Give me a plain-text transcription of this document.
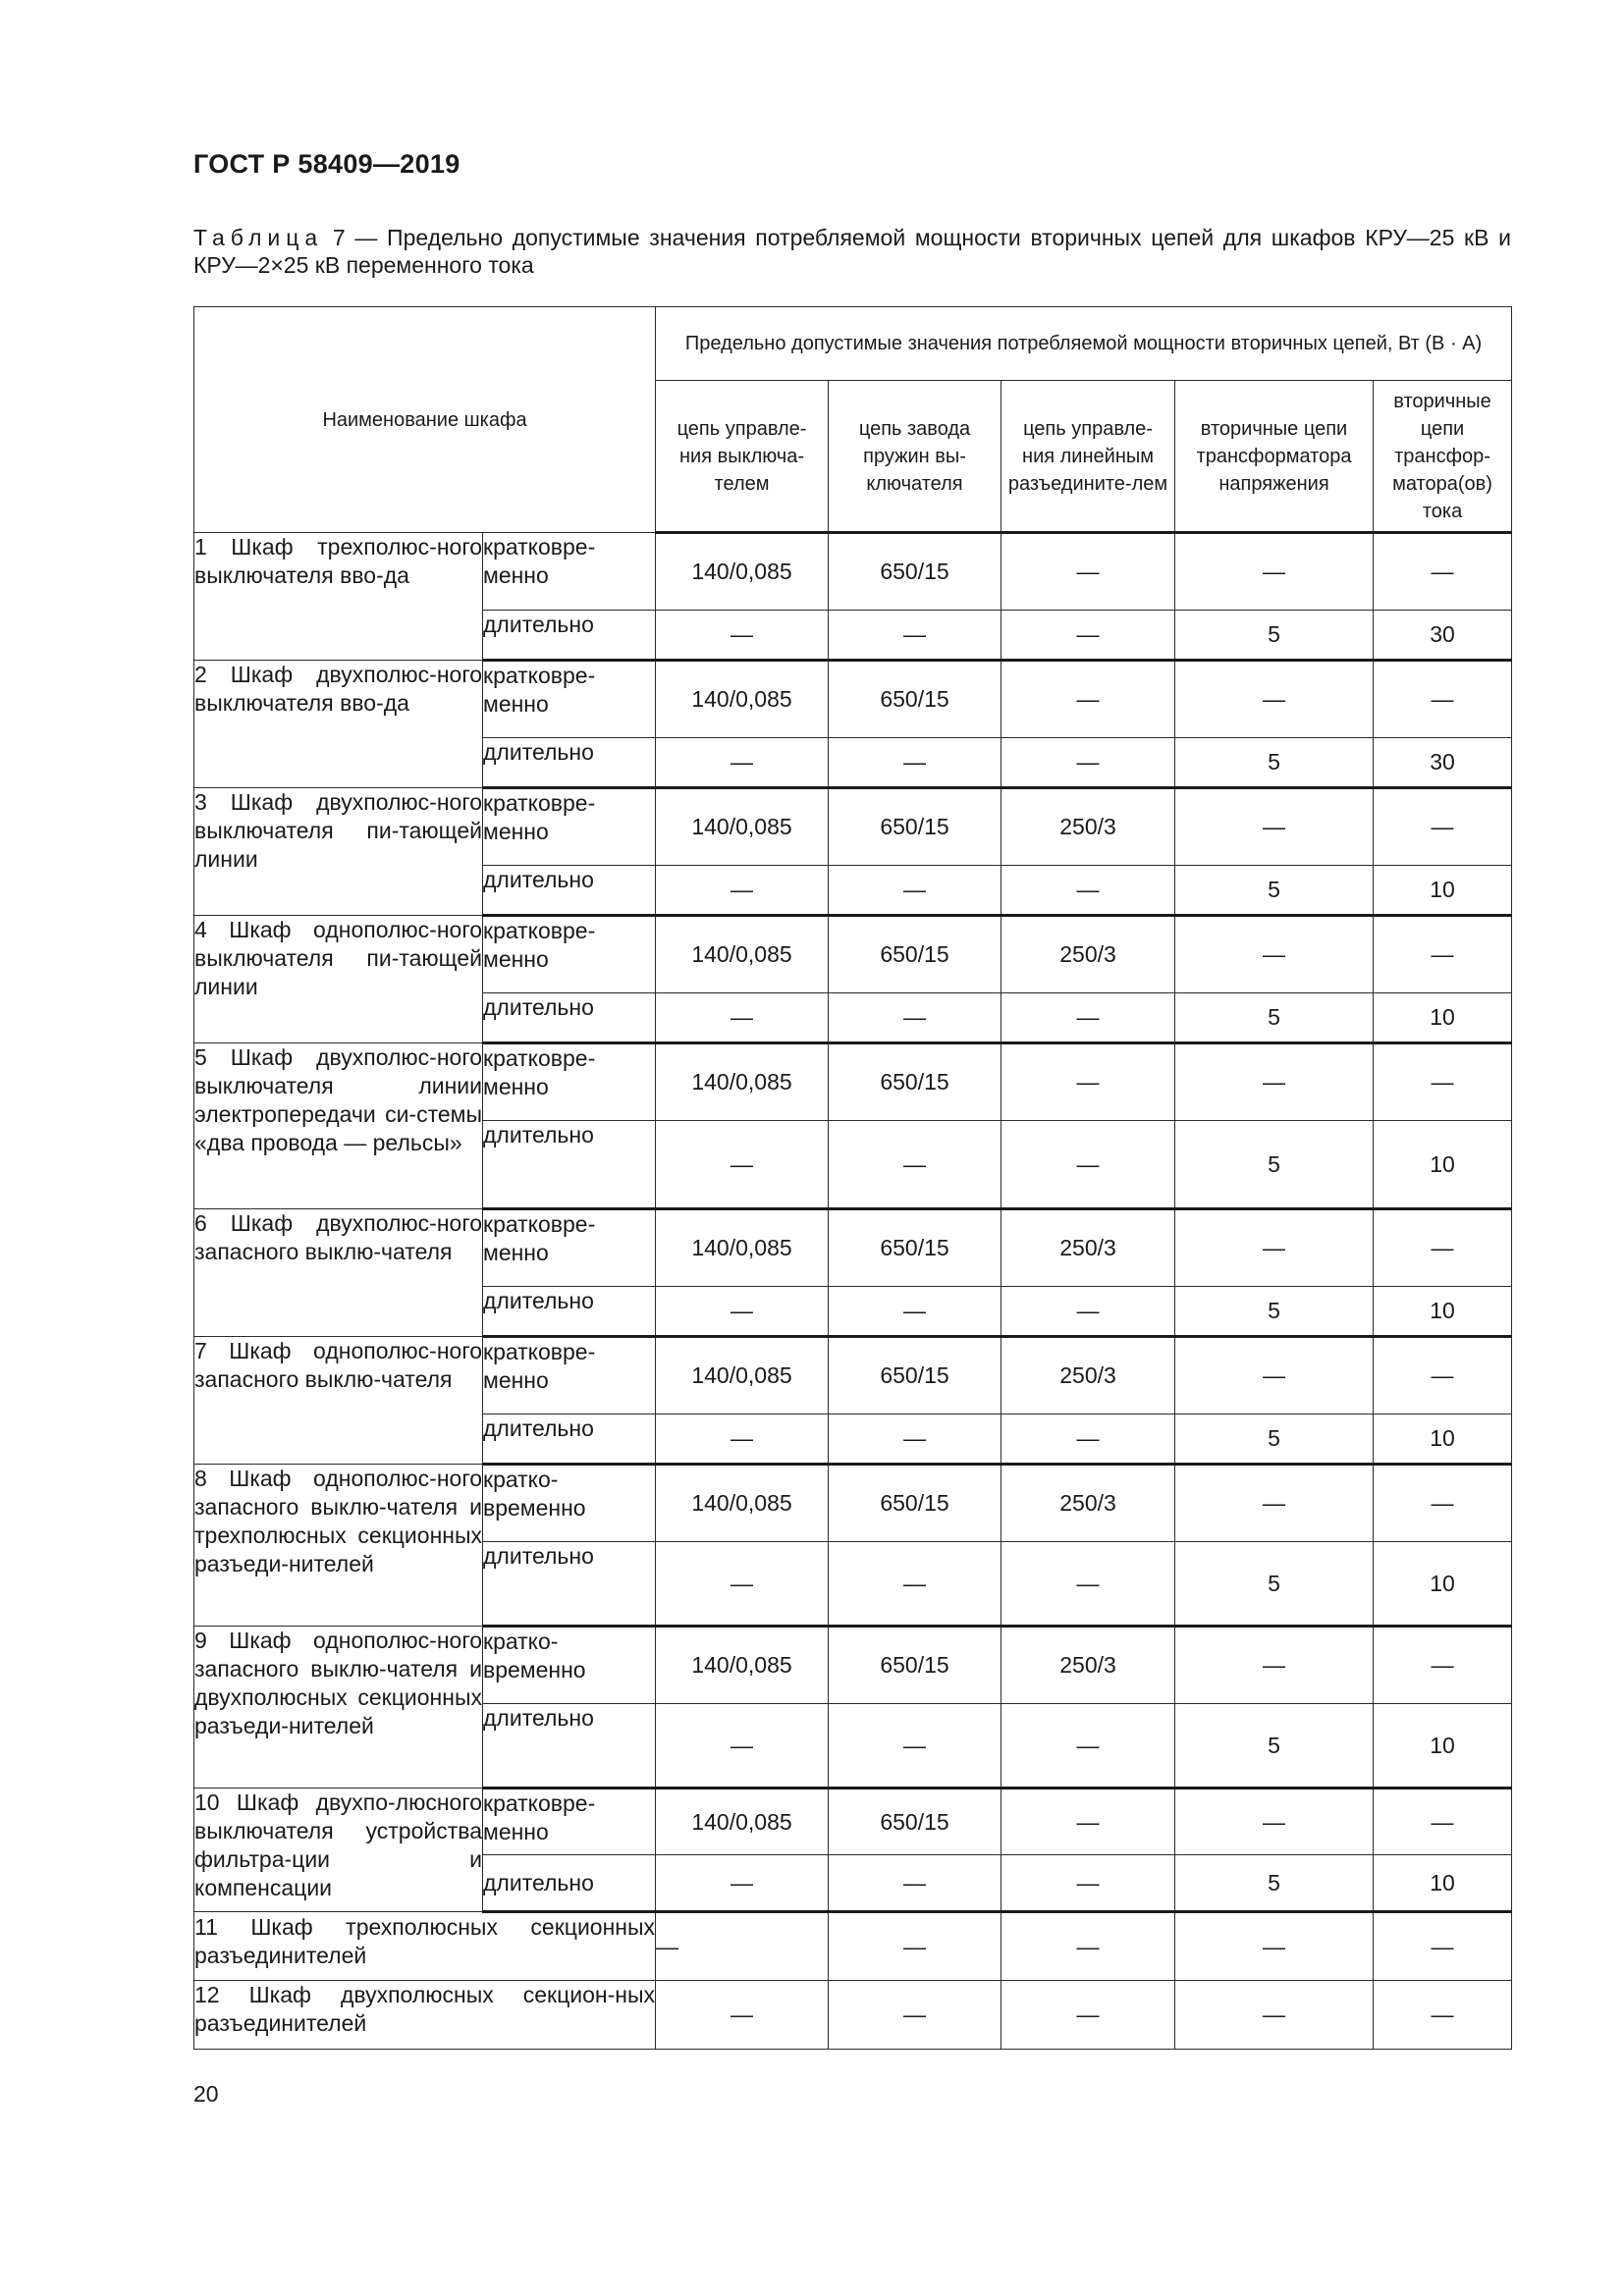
ГОСТ Р 58409—2019
Таблица 7 — Предельно допустимые значения потребляемой мощности вторичных цепей для шкафов КРУ—25 кВ и КРУ—2×25 кВ переменного тока
Наименование шкафа		Предельно допустимые значения потребляемой мощности вторичных цепей, Вт (В · А)				
		цепь управле-ния выключа-телем	цепь завода пружин вы-ключателя	цепь управле-ния линейным разъедините-лем	вторичные цепи трансформатора напряжения	вторичные цепи трансфор-матора(ов) тока
1 Шкаф трехполюс-ного выключателя вво-да	кратковре-менно	140/0,085	650/15	—	—	—
	длительно	—	—	—	5	30
2 Шкаф двухполюс-ного выключателя вво-да	кратковре-менно	140/0,085	650/15	—	—	—
	длительно	—	—	—	5	30
3 Шкаф двухполюс-ного выключателя пи-тающей линии	кратковре-менно	140/0,085	650/15	250/3	—	—
	длительно	—	—	—	5	10
4 Шкаф однополюс-ного выключателя пи-тающей линии	кратковре-менно	140/0,085	650/15	250/3	—	—
	длительно	—	—	—	5	10
5 Шкаф двухполюс-ного выключателя линии электропередачи си-стемы «два провода — рельсы»	кратковре-менно	140/0,085	650/15	—	—	—
	длительно	—	—	—	5	10
6 Шкаф двухполюс-ного запасного выклю-чателя	кратковре-менно	140/0,085	650/15	250/3	—	—
	длительно	—	—	—	5	10
7 Шкаф однополюс-ного запасного выклю-чателя	кратковре-менно	140/0,085	650/15	250/3	—	—
	длительно	—	—	—	5	10
8 Шкаф однополюс-ного запасного выклю-чателя и трехполюсных секционных разъеди-нителей	кратко-временно	140/0,085	650/15	250/3	—	—
	длительно	—	—	—	5	10
9 Шкаф однополюс-ного запасного выклю-чателя и двухполюсных секционных разъеди-нителей	кратко-временно	140/0,085	650/15	250/3	—	—
	длительно	—	—	—	5	10
10 Шкаф двухпо-люсного выключателя устройства фильтра-ции и компенсации	кратковре-менно	140/0,085	650/15	—	—	—
	длительно	—	—	—	5	10
11 Шкаф трехполюсных секционных разъединителей		—	—	—	—	—
12 Шкаф двухполюсных секцион-ных разъединителей		—	—	—	—	—
20
